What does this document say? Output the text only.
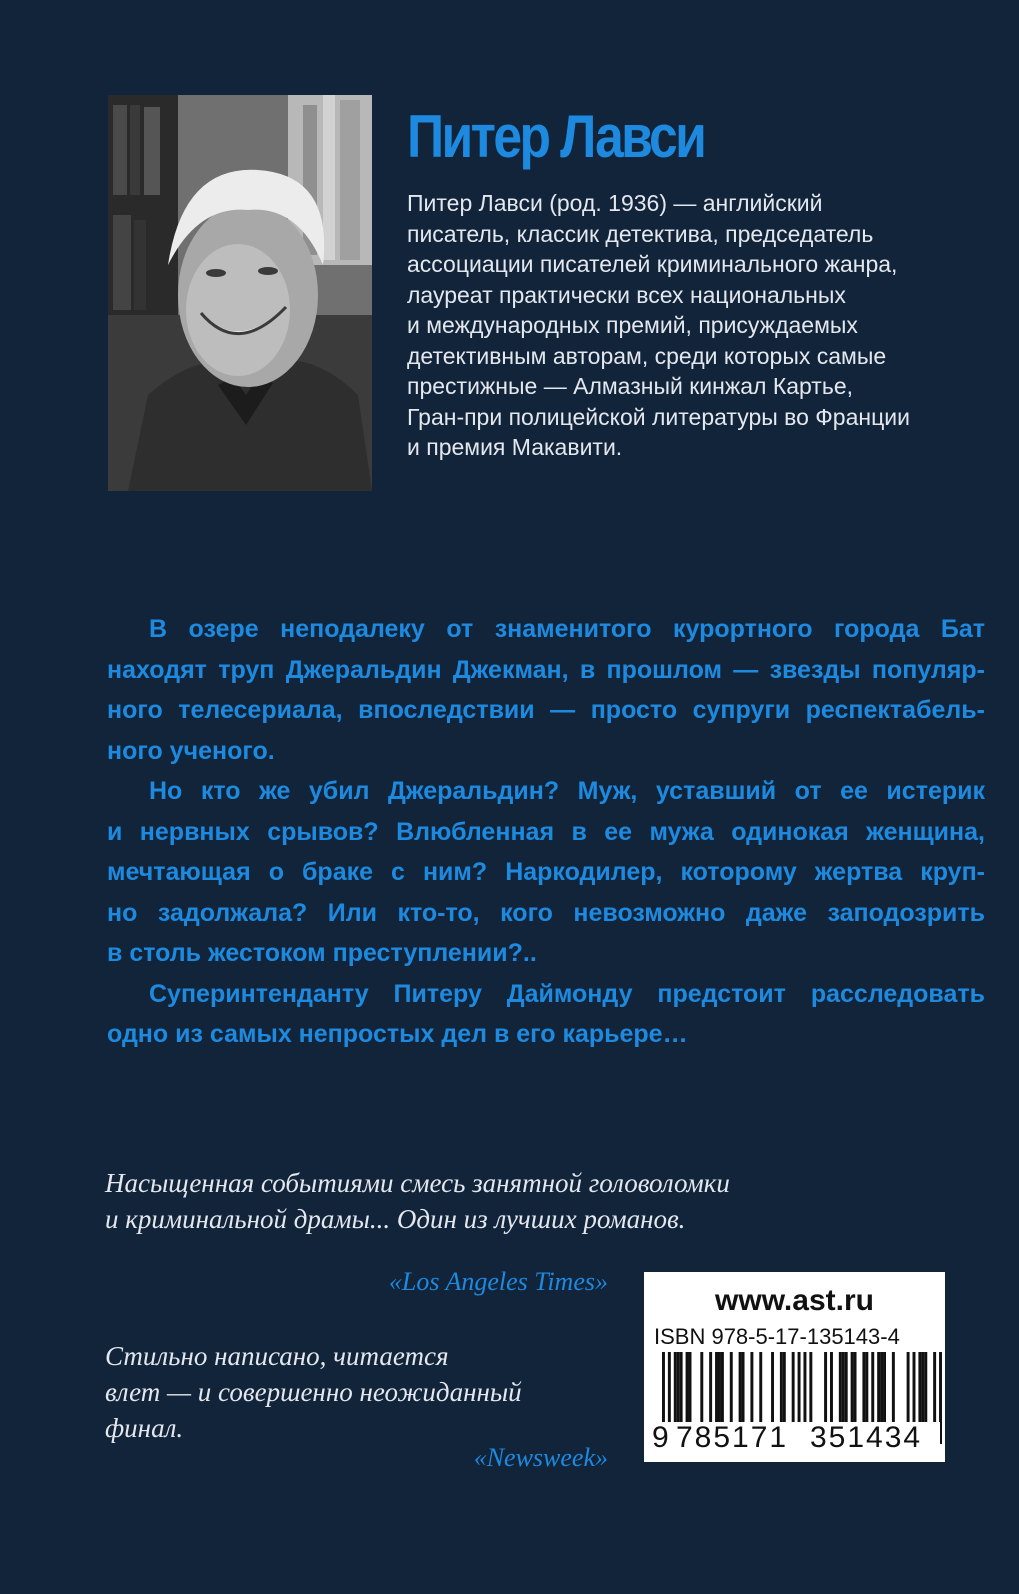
Питер Лавси
Питер Лавси (род. 1936) — английский
писатель, классик детектива, председатель
ассоциации писателей криминального жанра,
лауреат практически всех национальных
и международных премий, присуждаемых
детективным авторам, среди которых самые
престижные — Алмазный кинжал Картье,
Гран-при полицейской литературы во Франции
и премия Макавити.
В озере неподалеку от знаменитого курортного города Бат
находят труп Джеральдин Джекман, в прошлом — звезды популяр-
ного телесериала, впоследствии — просто супруги респектабель-
ного ученого.
Но кто же убил Джеральдин? Муж, уставший от ее истерик
и нервных срывов? Влюбленная в ее мужа одинокая женщина,
мечтающая о браке с ним? Наркодилер, которому жертва круп-
но задолжала? Или кто-то, кого невозможно даже заподозрить
в столь жестоком преступлении?..
Суперинтенданту Питеру Даймонду предстоит расследовать
одно из самых непростых дел в его карьере…
Насыщенная событиями смесь занятной головоломки
и криминальной драмы... Один из лучших романов.
«Los Angeles Times»
Стильно написано, читается
влет — и совершенно неожиданный
финал.
«Newsweek»
www.ast.ru
ISBN 978-5-17-135143-4
9 785171 351434
